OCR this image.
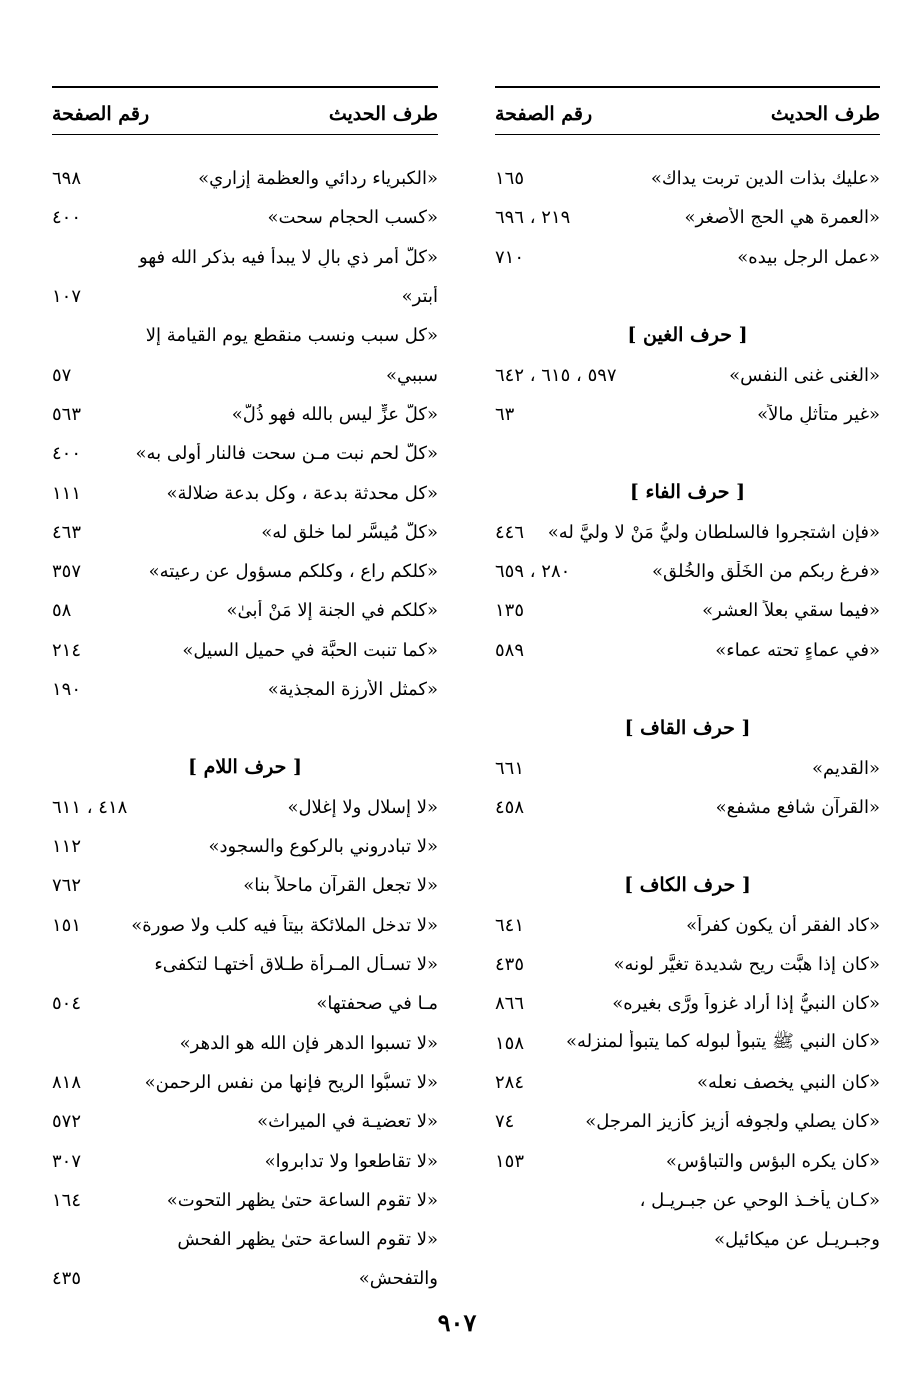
طرف الحديث
رقم الصفحة
«عليك بذات الدين تربت يداك»
١٦٥
«العمرة هي الحج الأصغر»
٢١٩ ، ٦٩٦
«عمل الرجل بيده»
٧١٠
[ حرف الغين ]
«الغنى غنى النفس»
٥٩٧ ، ٦١٥ ، ٦٤٢
«غير متأثلٍ مالاً»
٦٣
[ حرف الفاء ]
«فإن اشتجروا فالسلطان وليُّ مَنْ لا وليَّ له»
٤٤٦
«فرغ ربكم من الخَلْق والخُلق»
٢٨٠ ، ٦٥٩
«فيما سقي بعلاً العشر»
١٣٥
«في عماءٍ تحته عماء»
٥٨٩
[ حرف القاف ]
«القديم»
٦٦١
«القرآن شافع مشفع»
٤٥٨
[ حرف الكاف ]
«كاد الفقر أن يكون كفراً»
٦٤١
«كان إذا هبَّت ريح شديدة تغيَّر لونه»
٤٣٥
«كان النبيُّ إذا أراد غزواً ورَّى بغيره»
٨٦٦
«كان النبي ﷺ يتبوأ لبوله كما يتبوأ لمنزله»
١٥٨
«كان النبي يخصف نعله»
٢٨٤
«كان يصلي ولجوفه أزيز كأزيز المرجل»
٧٤
«كان يكره البؤس والتباؤس»
١٥٣
«كـان يأخـذ الوحي عن جبـريـل ،
وجبـريـل عن ميكائيل»
طرف الحديث
رقم الصفحة
«الكبرياء ردائي والعظمة إزاري»
٦٩٨
«كسب الحجام سحت»
٤٠٠
«كلُّ أمر ذي بالٍ لا يبدأ فيه بذكر الله فهو
أبتر»
١٠٧
«كل سبب ونسب منقطع يوم القيامة إلا
سببي»
٥٧
«كلُّ عزٍّ ليس بالله فهو ذُلٌّ»
٥٦٣
«كلُّ لحم نبت مـن سحت فالنار أولى به»
٤٠٠
«كل محدثة بدعة ، وكل بدعة ضلالة»
١١١
«كلٌّ مُيسَّر لما خلق له»
٤٦٣
«كلكم راعٍ ، وكلكم مسؤول عن رعيته»
٣٥٧
«كلكم في الجنة إلا مَنْ أبىٰ»
٥٨
«كما تنبت الحبَّة في حميل السيل»
٢١٤
«كمثل الأرزة المجذية»
١٩٠
[ حرف اللام ]
«لا إسلال ولا إغلال»
٤١٨ ، ٦١١
«لا تبادروني بالركوع والسجود»
١١٢
«لا تجعل القرآن ماحلاً بنا»
٧٦٢
«لا تدخل الملائكة بيتاً فيه كلب ولا صورة»
١٥١
«لا تسـأل المـرأة طـلاق أختهـا لتكفىء
مـا في صحفتها»
٥٠٤
«لا تسبوا الدهر فإن الله هو الدهر»
«لا تسبُّوا الريح فإنها من نفس الرحمن»
٨١٨
«لا تعضيـة في الميراث»
٥٧٢
«لا تقاطعوا ولا تدابروا»
٣٠٧
«لا تقوم الساعة حتىٰ يظهر التحوت»
١٦٤
«لا تقوم الساعة حتىٰ يظهر الفحش
والتفحش»
٤٣٥
٩٠٧
